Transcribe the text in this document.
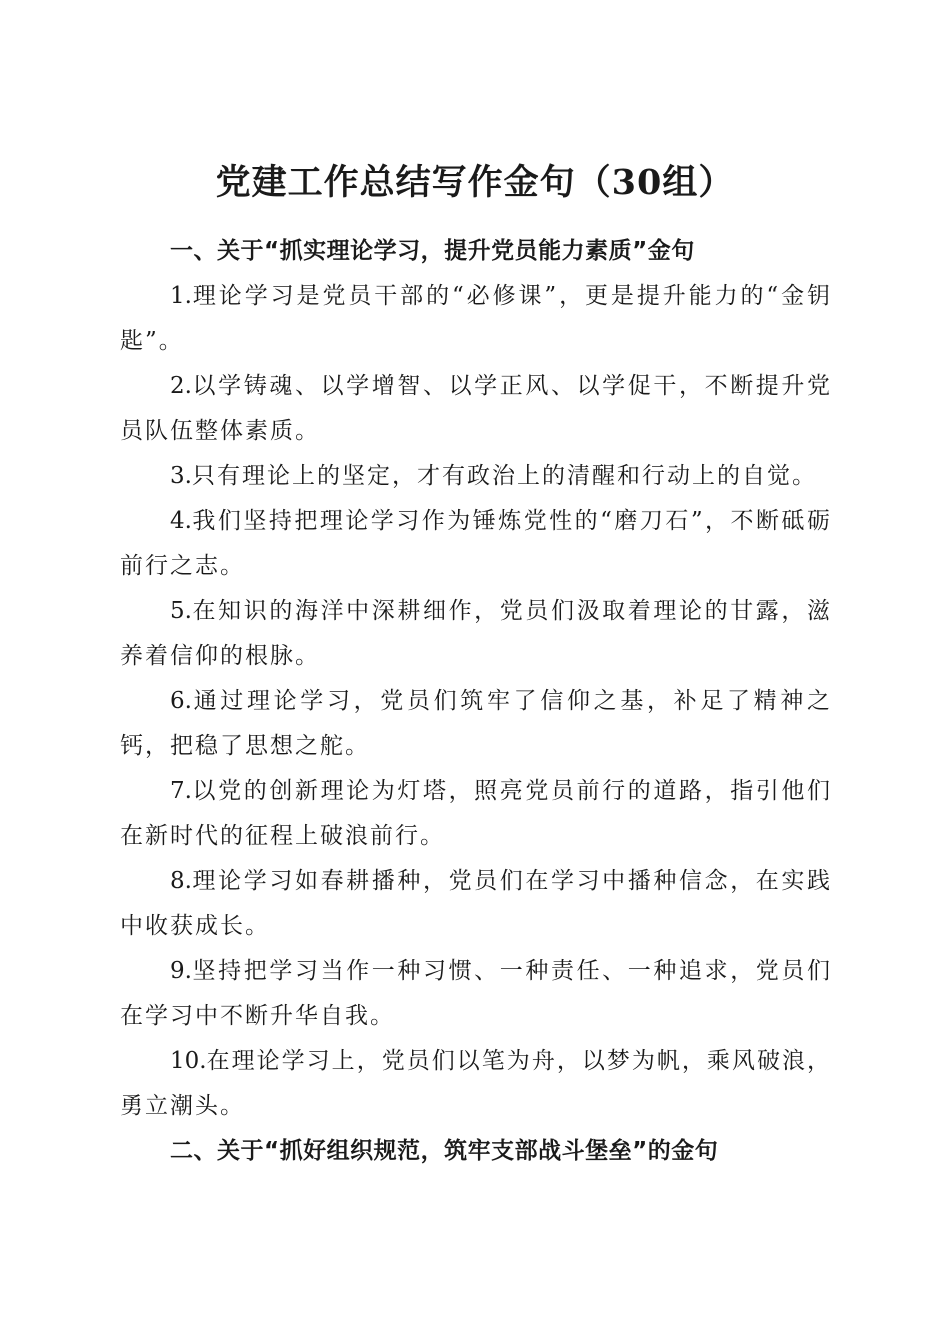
党建工作总结写作金句（30组）

一、关于“抓实理论学习，提升党员能力素质”金句

1.理论学习是党员干部的“必修课”，更是提升能力的“金钥匙”。

2.以学铸魂、以学增智、以学正风、以学促干，不断提升党员队伍整体素质。

3.只有理论上的坚定，才有政治上的清醒和行动上的自觉。

4.我们坚持把理论学习作为锤炼党性的“磨刀石”，不断砥砺前行之志。

5.在知识的海洋中深耕细作，党员们汲取着理论的甘露，滋养着信仰的根脉。

6.通过理论学习，党员们筑牢了信仰之基，补足了精神之钙，把稳了思想之舵。

7.以党的创新理论为灯塔，照亮党员前行的道路，指引他们在新时代的征程上破浪前行。

8.理论学习如春耕播种，党员们在学习中播种信念，在实践中收获成长。

9.坚持把学习当作一种习惯、一种责任、一种追求，党员们在学习中不断升华自我。

10.在理论学习上，党员们以笔为舟，以梦为帆，乘风破浪，勇立潮头。

二、关于“抓好组织规范，筑牢支部战斗堡垒”的金句
